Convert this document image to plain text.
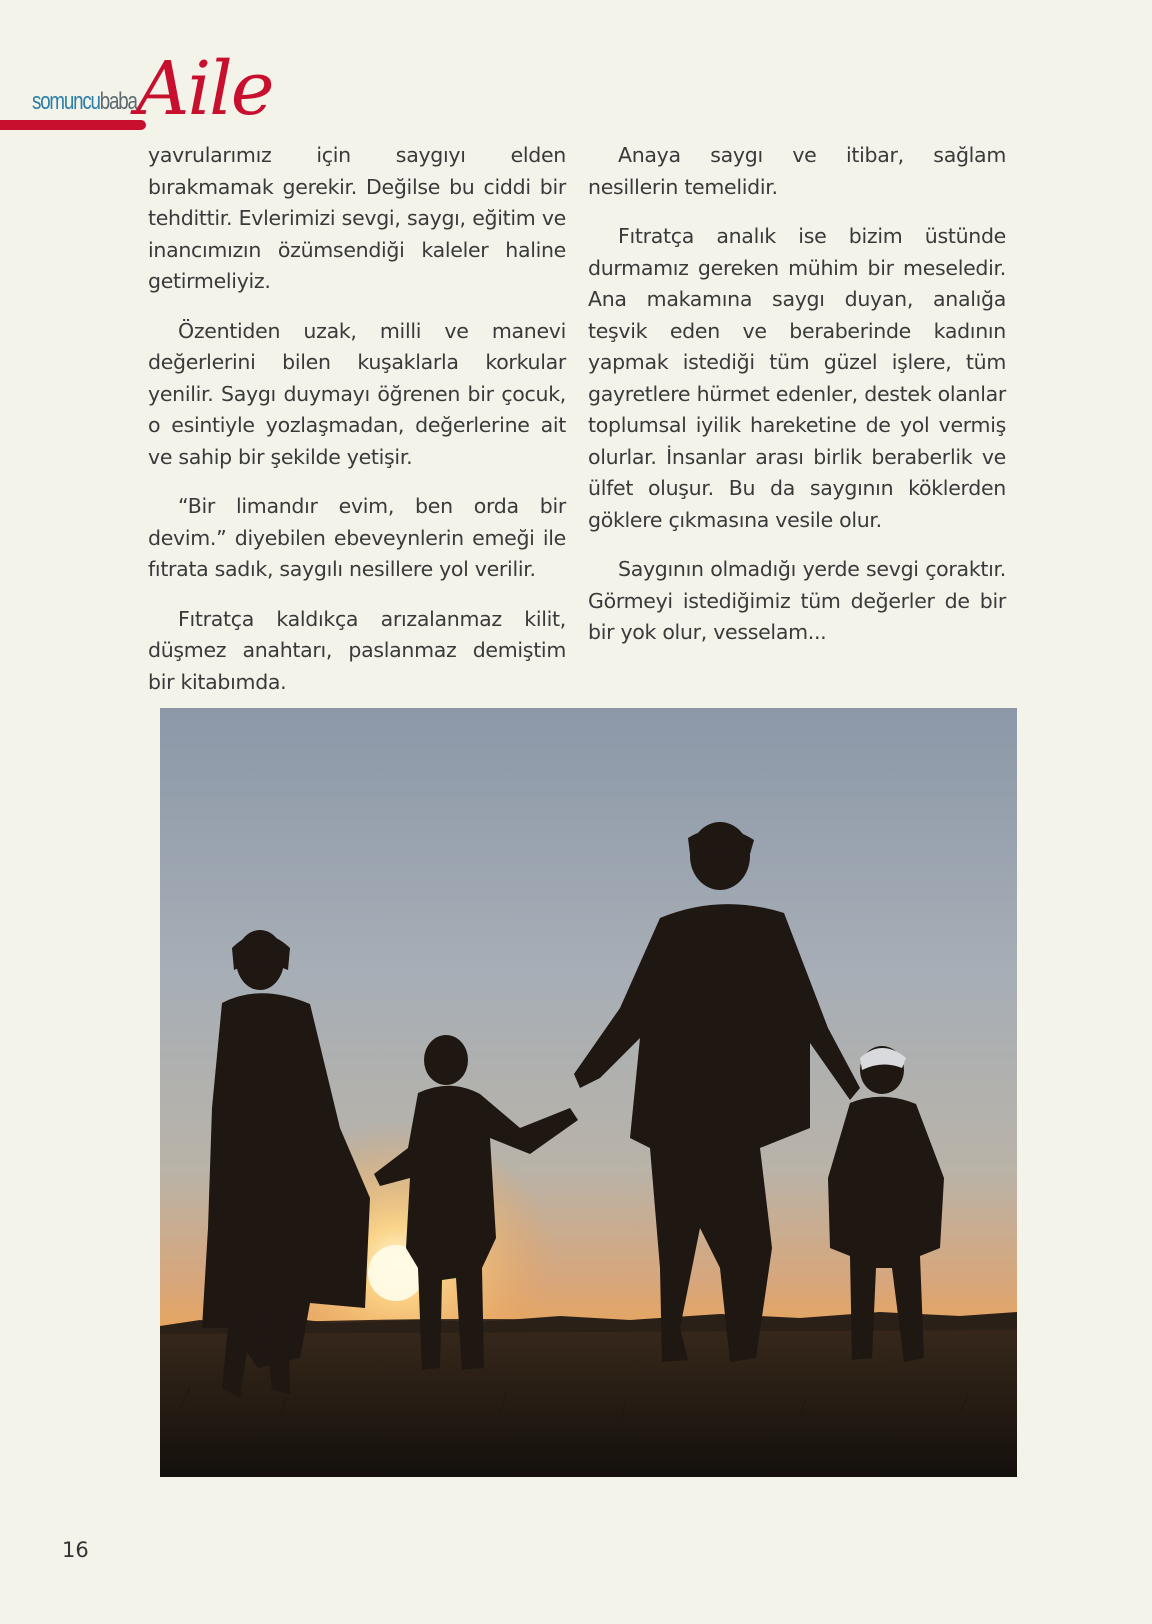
somuncubaba Aile

yavrularımız için saygıyı elden bırakmamak gerekir. Değilse bu ciddi bir tehdittir. Evlerimizi sevgi, saygı, eğitim ve inancımızın özümsendiği kaleler haline getirmeliyiz.

Özentiden uzak, milli ve manevi değerlerini bilen kuşaklarla korkular yenilir. Saygı duymayı öğrenen bir çocuk, o esintiyle yozlaşmadan, değerlerine ait ve sahip bir şekilde yetişir.

“Bir limandır evim, ben orda bir devim.” diyebilen ebeveynlerin emeği ile fıtrata sadık, saygılı nesillere yol verilir.

Fıtratça kaldıkça arızalanmaz kilit, düşmez anahtarı, paslanmaz demiştim bir kitabımda.

Anaya saygı ve itibar, sağlam nesillerin temelidir.

Fıtratça analık ise bizim üstünde durmamız gereken mühim bir meseledir. Ana makamına saygı duyan, analığa teşvik eden ve beraberinde kadının yapmak istediği tüm güzel işlere, tüm gayretlere hürmet edenler, destek olanlar toplumsal iyilik hareketine de yol vermiş olurlar. İnsanlar arası birlik beraberlik ve ülfet oluşur. Bu da saygının köklerden göklere çıkmasına vesile olur.

Saygının olmadığı yerde sevgi çoraktır. Görmeyi istediğimiz tüm değerler de bir bir yok olur, vesselam...

16
